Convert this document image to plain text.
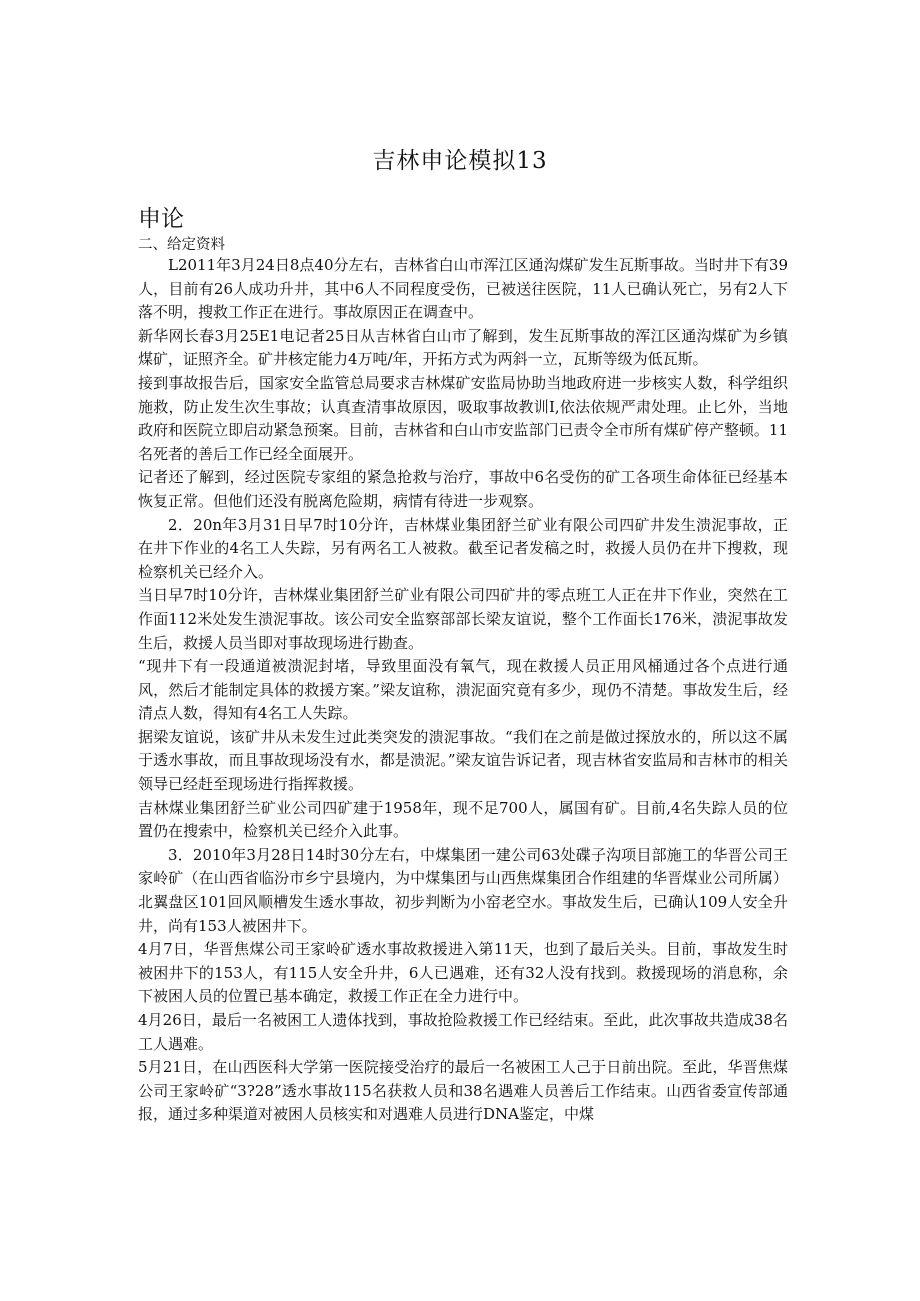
吉林申论模拟13
申论
二、给定资料

L2011年3月24日8点40分左右，吉林省白山市浑江区通沟煤矿发生瓦斯事故。当时井下有39人，目前有26人成功升井，其中6人不同程度受伤，已被送往医院，11人已确认死亡，另有2人下落不明，搜救工作正在进行。事故原因正在调查中。

新华网长春3月25E1电记者25日从吉林省白山市了解到，发生瓦斯事故的浑江区通沟煤矿为乡镇煤矿，证照齐全。矿井核定能力4万吨/年，开拓方式为两斜一立，瓦斯等级为低瓦斯。

接到事故报告后，国家安全监管总局要求吉林煤矿安监局协助当地政府进一步核实人数，科学组织施救，防止发生次生事故；认真查清事故原因，吸取事故教训I,依法依规严肃处理。止匕外，当地政府和医院立即启动紧急预案。目前，吉林省和白山市安监部门已责令全市所有煤矿停产整顿。11名死者的善后工作已经全面展开。

记者还了解到，经过医院专家组的紧急抢救与治疗，事故中6名受伤的矿工各项生命体征已经基本恢复正常。但他们还没有脱离危险期，病情有待进一步观察。

2．20n年3月31日早7时10分许，吉林煤业集团舒兰矿业有限公司四矿井发生溃泥事故，正在井下作业的4名工人失踪，另有两名工人被救。截至记者发稿之时，救援人员仍在井下搜救，现检察机关已经介入。

当日早7时10分许，吉林煤业集团舒兰矿业有限公司四矿井的零点班工人正在井下作业，突然在工作面112米处发生溃泥事故。该公司安全监察部部长梁友谊说，整个工作面长176米，溃泥事故发生后，救援人员当即对事故现场进行勘查。

“现井下有一段通道被溃泥封堵，导致里面没有氧气，现在救援人员正用风桶通过各个点进行通风，然后才能制定具体的救援方案。”梁友谊称，溃泥面究竟有多少，现仍不清楚。事故发生后，经清点人数，得知有4名工人失踪。

据梁友谊说，该矿井从未发生过此类突发的溃泥事故。“我们在之前是做过探放水的，所以这不属于透水事故，而且事故现场没有水，都是溃泥。”梁友谊告诉记者，现吉林省安监局和吉林市的相关领导已经赶至现场进行指挥救援。

吉林煤业集团舒兰矿业公司四矿建于1958年，现不足700人，属国有矿。目前,4名失踪人员的位置仍在搜索中，检察机关已经介入此事。

3．2010年3月28日14时30分左右，中煤集团一建公司63处碟子沟项目部施工的华晋公司王家岭矿（在山西省临汾市乡宁县境内，为中煤集团与山西焦煤集团合作组建的华晋煤业公司所属）北翼盘区101回风顺槽发生透水事故，初步判断为小窑老空水。事故发生后，已确认109人安全升井，尚有153人被困井下。

4月7日，华晋焦煤公司王家岭矿透水事故救援进入第11天，也到了最后关头。目前，事故发生时被困井下的153人，有115人安全升井，6人已遇难，还有32人没有找到。救援现场的消息称，余下被困人员的位置已基本确定，救援工作正在全力进行中。

4月26日，最后一名被困工人遗体找到，事故抢险救援工作已经结束。至此，此次事故共造成38名工人遇难。

5月21日，在山西医科大学第一医院接受治疗的最后一名被困工人己于日前出院。至此，华晋焦煤公司王家岭矿“3?28”透水事故115名获救人员和38名遇难人员善后工作结束。山西省委宣传部通报，通过多种渠道对被困人员核实和对遇难人员进行DNA鉴定，中煤
